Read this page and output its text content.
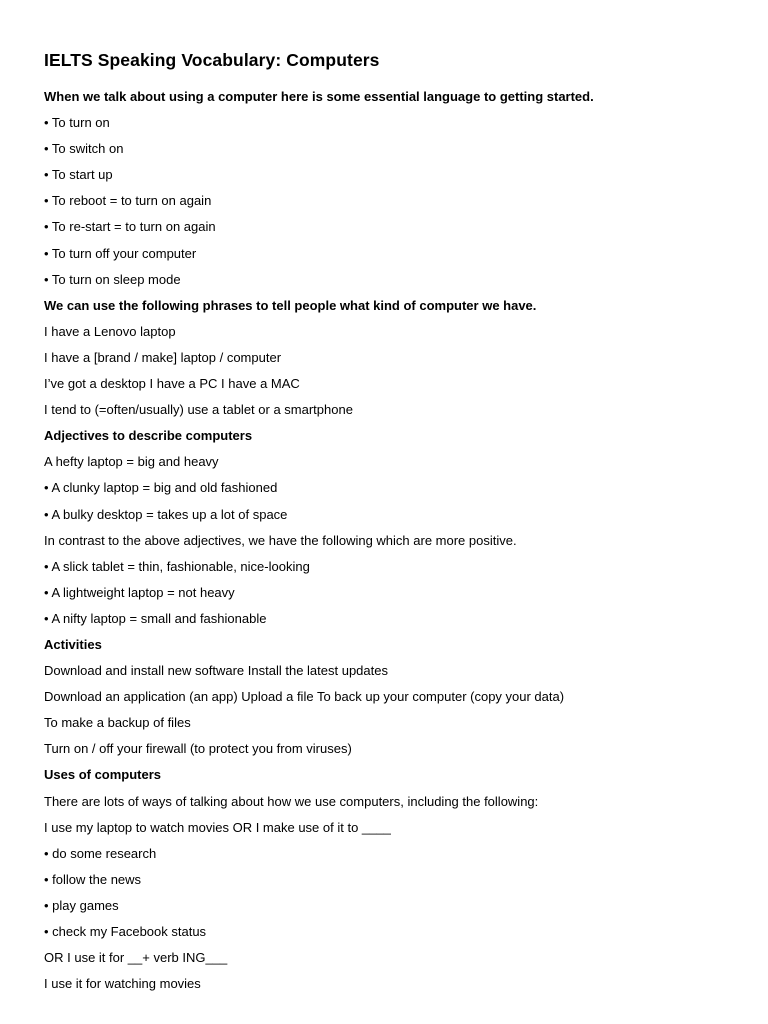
IELTS Speaking Vocabulary: Computers

When we talk about using a computer here is some essential language to getting started.

• To turn on

• To switch on

• To start up

• To reboot = to turn on again

• To re-start = to turn on again

• To turn off your computer

• To turn on sleep mode

We can use the following phrases to tell people what kind of computer we have.

I have a Lenovo laptop

I have a [brand / make] laptop / computer

I’ve got a desktop I have a PC I have a MAC

I tend to (=often/usually) use a tablet or a smartphone

Adjectives to describe computers

A hefty laptop = big and heavy

• A clunky laptop = big and old fashioned

• A bulky desktop = takes up a lot of space

In contrast to the above adjectives, we have the following which are more positive.

• A slick tablet = thin, fashionable, nice-looking

• A lightweight laptop = not heavy

• A nifty laptop = small and fashionable

Activities

Download and install new software Install the latest updates

Download an application (an app) Upload a file To back up your computer (copy your data)

To make a backup of files

Turn on / off your firewall (to protect you from viruses)

Uses of computers

There are lots of ways of talking about how we use computers, including the following:

I use my laptop to watch movies OR I make use of it to ____

• do some research

• follow the news

• play games

• check my Facebook status

OR I use it for __+ verb ING___

I use it for watching movies
